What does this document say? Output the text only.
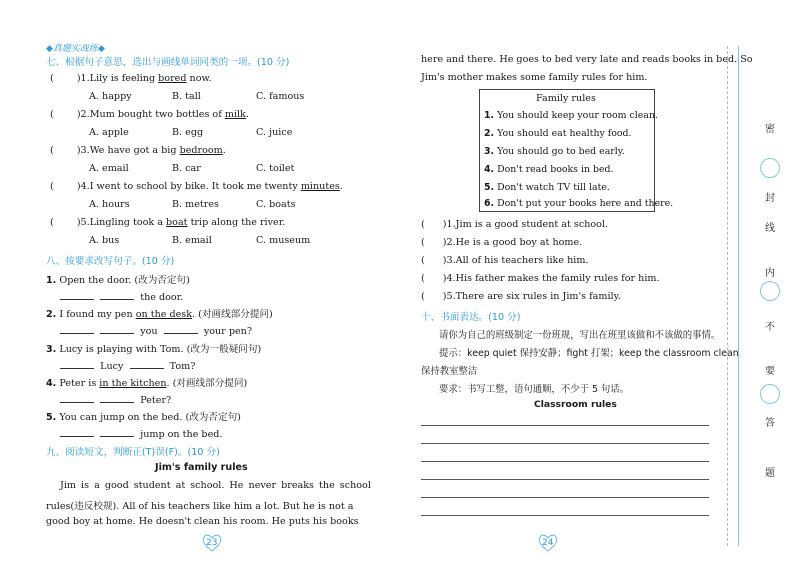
◆真题实战练◆
七、根据句子意思，选出与画线单词同类的一项。(10 分)
( )1.Lily is feeling bored now.
A. happy	B. tall	C. famous
( )2.Mum bought two bottles of milk.
A. apple	B. egg	C. juice
( )3.We have got a big bedroom.
A. email	B. car	C. toilet
( )4.I went to school by bike. It took me twenty minutes.
A. hours	B. metres	C. boats
( )5.Lingling took a boat trip along the river.
A. bus	B. email	C. museum
八、按要求改写句子。(10 分)
1. Open the door. (改为否定句)
the door.
2. I found my pen on the desk. (对画线部分提问)
you	your pen?
3. Lucy is playing with Tom. (改为一般疑问句)
Lucy	Tom?
4. Peter is in the kitchen. (对画线部分提问)
Peter?
5. You can jump on the bed. (改为否定句)
jump on the bed.
九、阅读短文，判断正(T)误(F)。(10 分)
Jim's family rules
Jim is a good student at school. He never breaks the school
rules(违反校规). All of his teachers like him a lot. But he is not a
good boy at home. He doesn't clean his room. He puts his books
here and there. He goes to bed very late and reads books in bed. So
Jim's mother makes some family rules for him.
Family rules
1. You should keep your room clean.
2. You should eat healthy food.
3. You should go to bed early.
4. Don't read books in bed.
5. Don't watch TV till late.
6. Don't put your books here and there.
( )1.Jim is a good student at school.
( )2.He is a good boy at home.
( )3.All of his teachers like him.
( )4.His father makes the family rules for him.
( )5.There are six rules in Jim's family.
十、书面表达。(10 分)
请你为自己的班级制定一份班规，写出在班里该做和不该做的事情。
提示：keep quiet 保持安静；fight 打架；keep the classroom clean
保持教室整洁
要求：书写工整，语句通顺，不少于 5 句话。
Classroom rules
23	24
密
封
线
内
不
要
答
题
